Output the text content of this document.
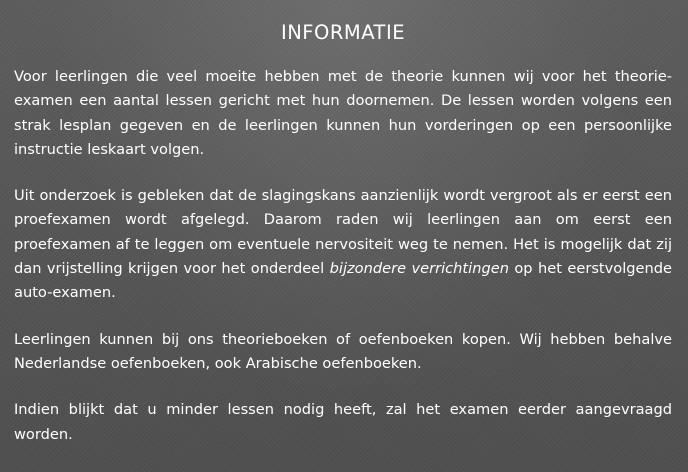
INFORMATIE

Voor leerlingen die veel moeite hebben met de theorie kunnen wij voor het theorie-examen een aantal lessen gericht met hun doornemen. De lessen worden volgens een strak lesplan gegeven en de leerlingen kunnen hun vorderingen op een persoonlijke instructie leskaart volgen.

Uit onderzoek is gebleken dat de slagingskans aanzienlijk wordt vergroot als er eerst een proefexamen wordt afgelegd. Daarom raden wij leerlingen aan om eerst een proefexamen af te leggen om eventuele nervositeit weg te nemen. Het is mogelijk dat zij dan vrijstelling krijgen voor het onderdeel bijzondere verrichtingen op het eerstvolgende auto-examen.

Leerlingen kunnen bij ons theorieboeken of oefenboeken kopen. Wij hebben behalve Nederlandse oefenboeken, ook Arabische oefenboeken.

Indien blijkt dat u minder lessen nodig heeft, zal het examen eerder aangevraagd worden.
